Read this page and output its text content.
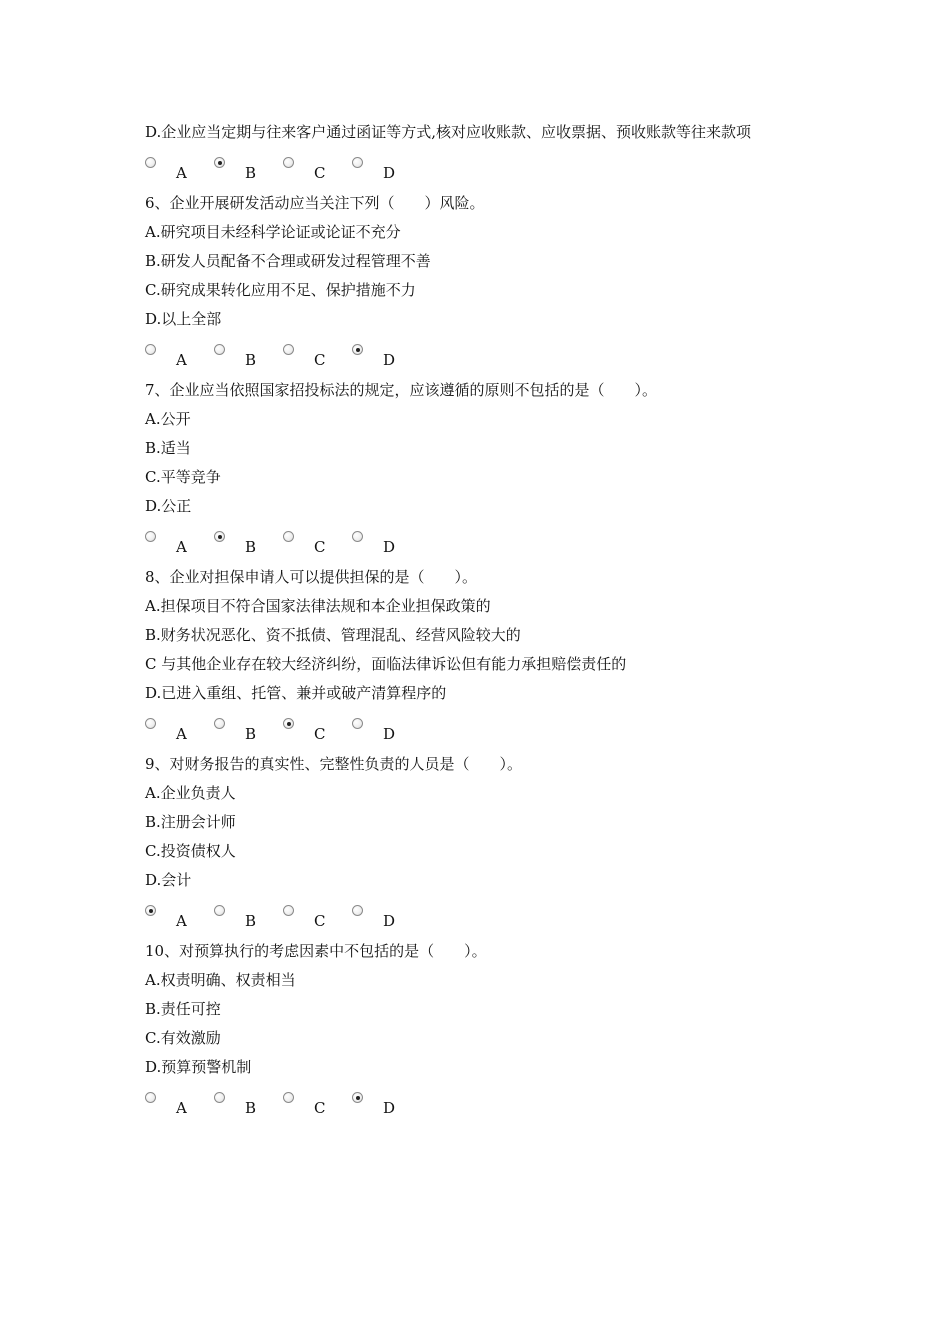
D.企业应当定期与往来客户通过函证等方式,核对应收账款、应收票据、预收账款等往来款项
A	B	C	D
6、企业开展研发活动应当关注下列（　　）风险。
A.研究项目未经科学论证或论证不充分
B.研发人员配备不合理或研发过程管理不善
C.研究成果转化应用不足、保护措施不力
D.以上全部
A	B	C	D
7、企业应当依照国家招投标法的规定，应该遵循的原则不包括的是（　　）。
A.公开
B.适当
C.平等竞争
D.公正
A	B	C	D
8、企业对担保申请人可以提供担保的是（　　）。
A.担保项目不符合国家法律法规和本企业担保政策的
B.财务状况恶化、资不抵债、管理混乱、经营风险较大的
C 与其他企业存在较大经济纠纷，面临法律诉讼但有能力承担赔偿责任的
D.已进入重组、托管、兼并或破产清算程序的
A	B	C	D
9、对财务报告的真实性、完整性负责的人员是（　　）。
A.企业负责人
B.注册会计师
C.投资债权人
D.会计
A	B	C	D
10、对预算执行的考虑因素中不包括的是（　　）。
A.权责明确、权责相当
B.责任可控
C.有效激励
D.预算预警机制
A	B	C	D
